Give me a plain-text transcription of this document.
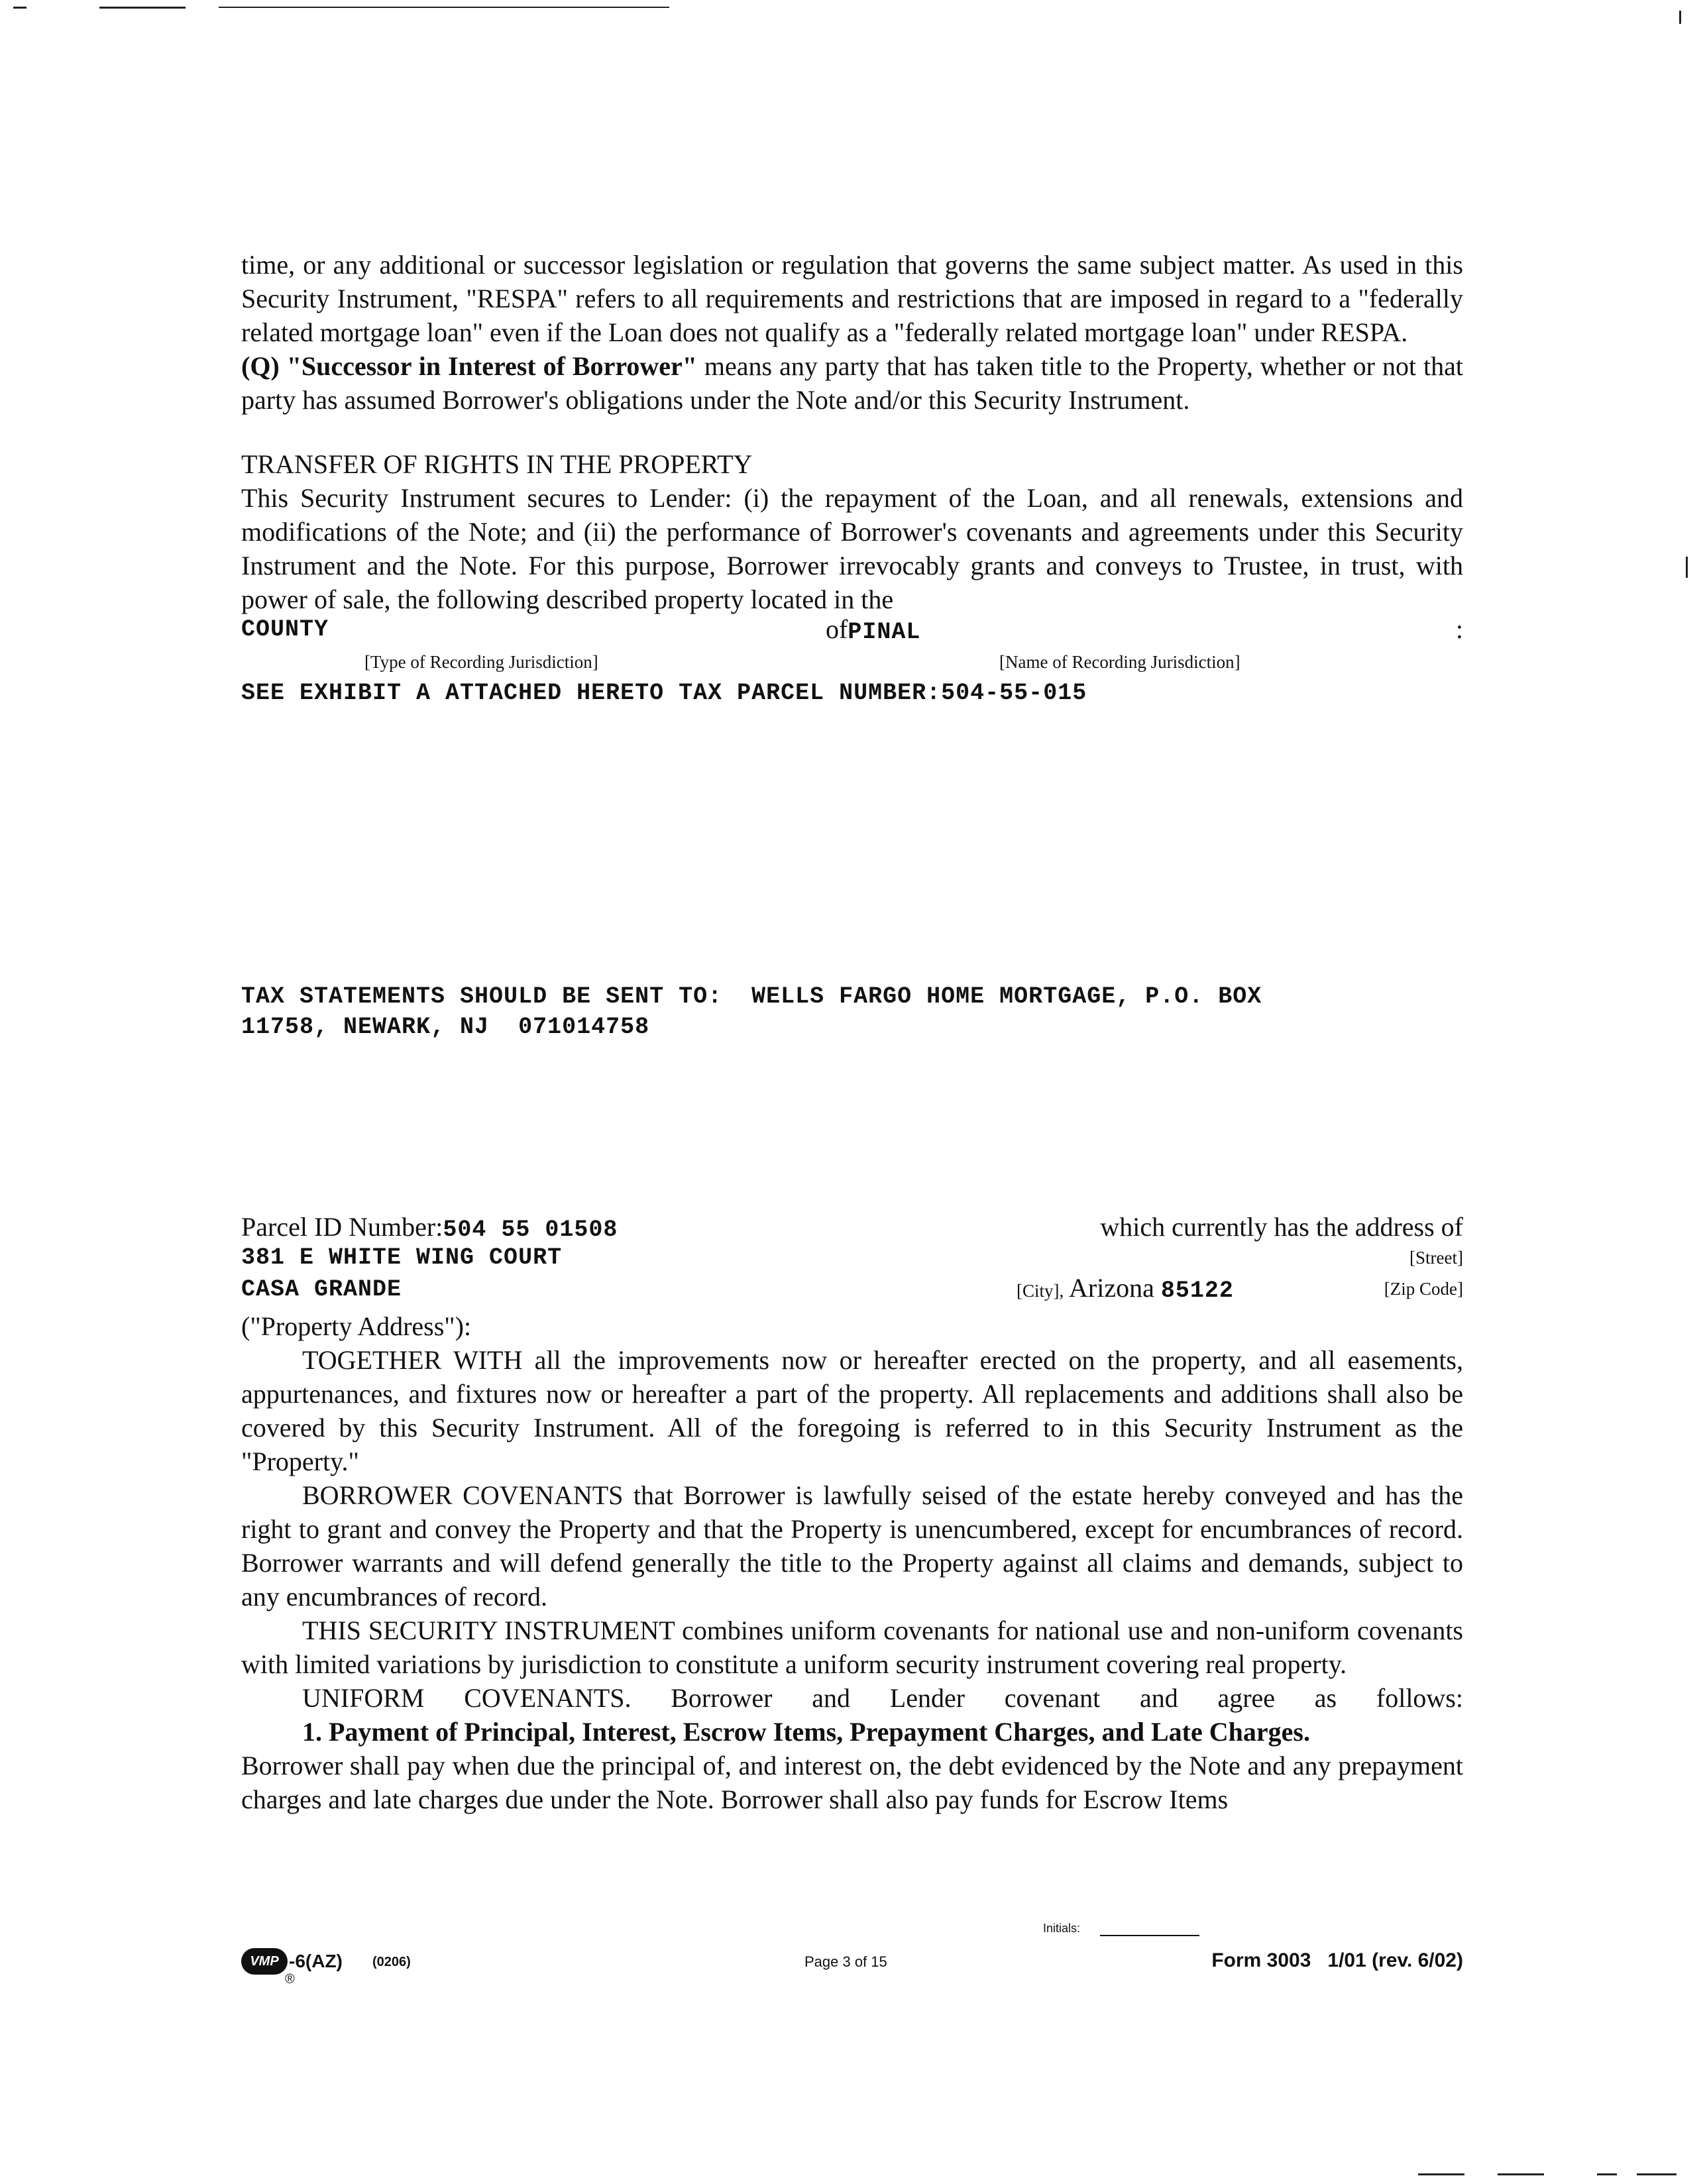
time, or any additional or successor legislation or regulation that governs the same subject matter. As used in this Security Instrument, "RESPA" refers to all requirements and restrictions that are imposed in regard to a "federally related mortgage loan" even if the Loan does not qualify as a "federally related mortgage loan" under RESPA.

(Q) "Successor in Interest of Borrower" means any party that has taken title to the Property, whether or not that party has assumed Borrower's obligations under the Note and/or this Security Instrument.

TRANSFER OF RIGHTS IN THE PROPERTY

This Security Instrument secures to Lender: (i) the repayment of the Loan, and all renewals, extensions and modifications of the Note; and (ii) the performance of Borrower's covenants and agreements under this Security Instrument and the Note. For this purpose, Borrower irrevocably grants and conveys to Trustee, in trust, with power of sale, the following described property located in the

COUNTY	ofPINAL	:
[Type of Recording Jurisdiction]	[Name of Recording Jurisdiction]
SEE EXHIBIT A ATTACHED HERETO TAX PARCEL NUMBER:504-55-015
TAX STATEMENTS SHOULD BE SENT TO:  WELLS FARGO HOME MORTGAGE, P.O. BOX
11758, NEWARK, NJ  071014758
Parcel ID Number:504 55 01508	which currently has the address of
381 E WHITE WING COURT	[Street]
CASA GRANDE	[City], Arizona 85122	[Zip Code]

("Property Address"):

TOGETHER WITH all the improvements now or hereafter erected on the property, and all easements, appurtenances, and fixtures now or hereafter a part of the property. All replacements and additions shall also be covered by this Security Instrument. All of the foregoing is referred to in this Security Instrument as the "Property."

BORROWER COVENANTS that Borrower is lawfully seised of the estate hereby conveyed and has the right to grant and convey the Property and that the Property is unencumbered, except for encumbrances of record. Borrower warrants and will defend generally the title to the Property against all claims and demands, subject to any encumbrances of record.

THIS SECURITY INSTRUMENT combines uniform covenants for national use and non-uniform covenants with limited variations by jurisdiction to constitute a uniform security instrument covering real property.

UNIFORM COVENANTS. Borrower and Lender covenant and agree as follows:

1. Payment of Principal, Interest, Escrow Items, Prepayment Charges, and Late Charges.

Borrower shall pay when due the principal of, and interest on, the debt evidenced by the Note and any prepayment charges and late charges due under the Note. Borrower shall also pay funds for Escrow Items

VMP
®
-6(AZ) (0206)	Page 3 of 15
Initials:
Form 3003   1/01 (rev. 6/02)
